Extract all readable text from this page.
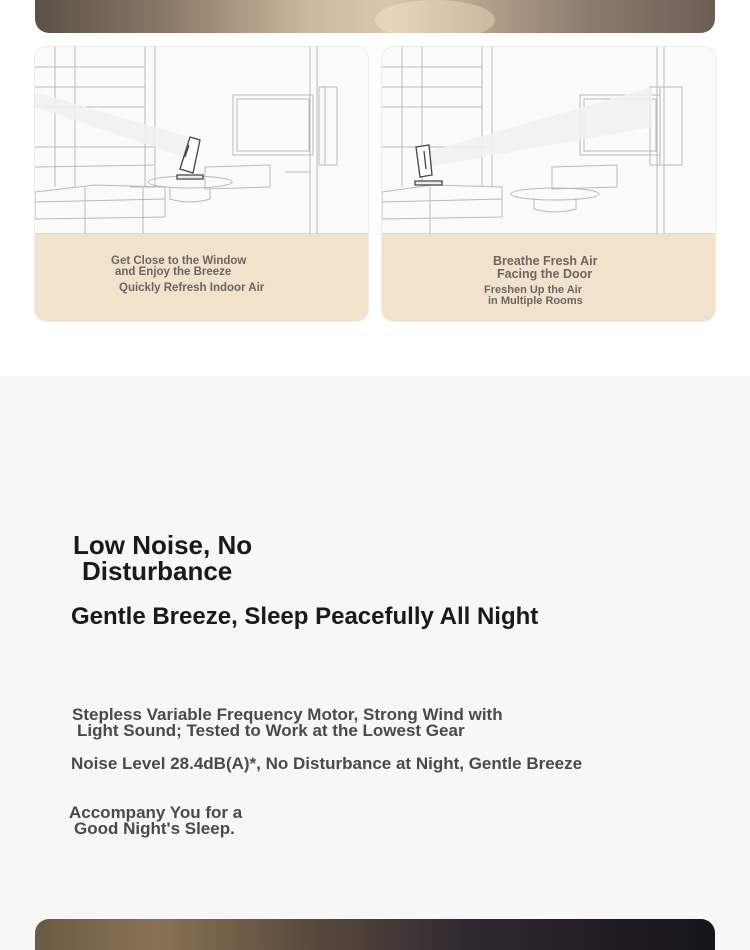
Get Close to the Window
and Enjoy the Breeze
Quickly Refresh Indoor Air
Breathe Fresh Air
Facing the Door
Freshen Up the Air
in Multiple Rooms
Low Noise, No
Disturbance
Gentle Breeze, Sleep Peacefully All Night

Stepless Variable Frequency Motor, Strong Wind with

Light Sound; Tested to Work at the Lowest Gear

Noise Level 28.4dB(A)*, No Disturbance at Night, Gentle Breeze

Accompany You for a

Good Night's Sleep.
